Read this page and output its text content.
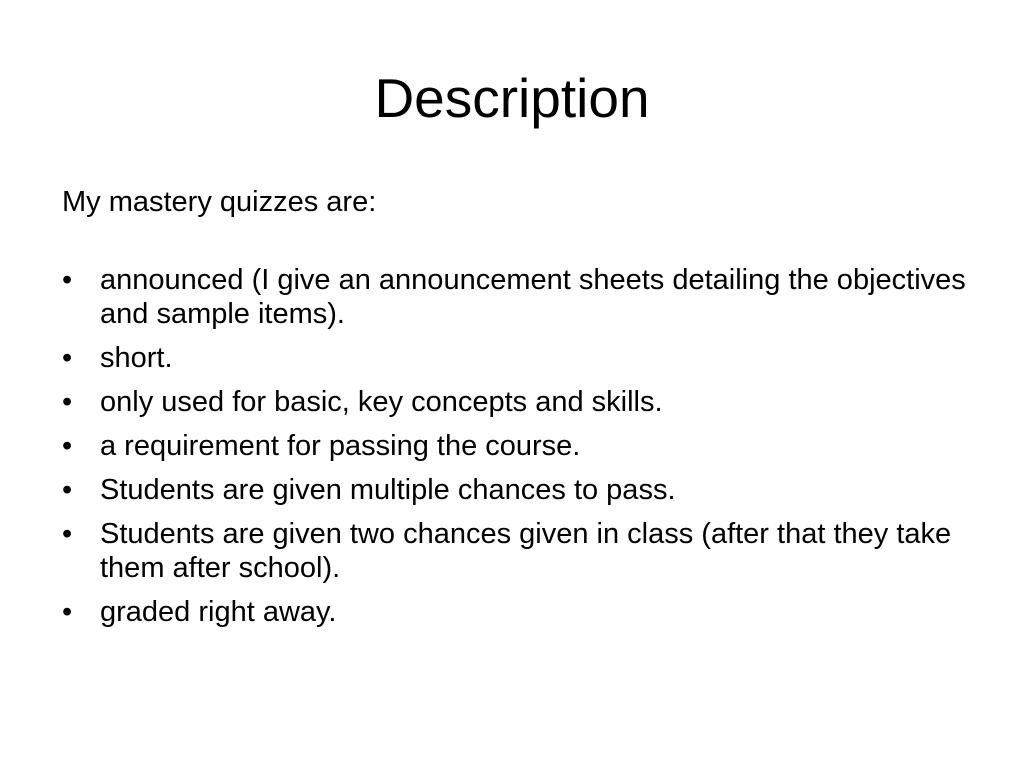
Description

My mastery quizzes are:

• announced (I give an announcement sheets detailing the objectives and sample items).
• short.
• only used for basic, key concepts and skills.
• a requirement for passing the course.
• Students are given multiple chances to pass.
• Students are given two chances given in class (after that they take them after school).
• graded right away.
